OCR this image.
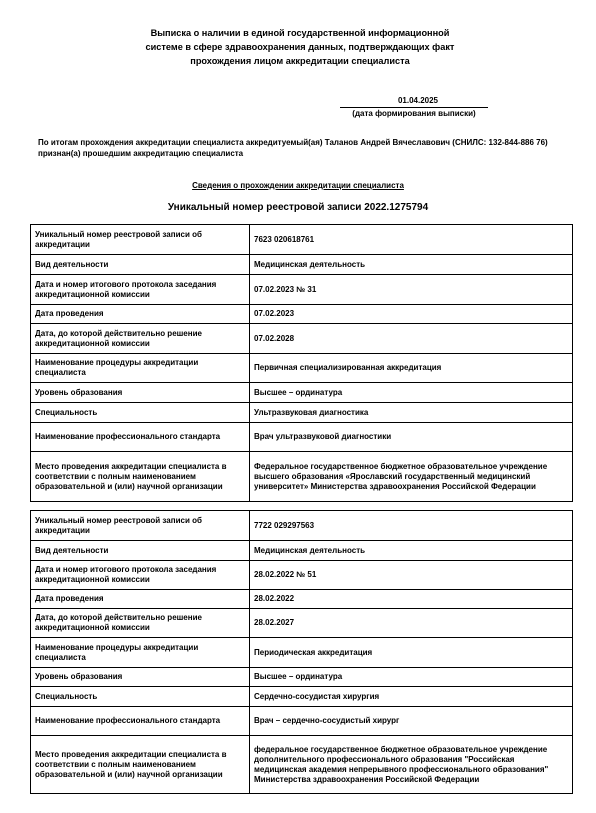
Выписка о наличии в единой государственной информационной
системе в сфере здравоохранения данных, подтверждающих факт
прохождения лицом аккредитации специалиста
01.04.2025
(дата формирования выписки)
По итогам прохождения аккредитации специалиста аккредитуемый(ая) Таланов Андрей Вячеславович (СНИЛС: 132-844-886 76) признан(а) прошедшим аккредитацию специалиста
Сведения о прохождении аккредитации специалиста
Уникальный номер реестровой записи 2022.1275794
Уникальный номер реестровой записи об аккредитации	7623 020618761
Вид деятельности	Медицинская деятельность
Дата и номер итогового протокола заседания аккредитационной комиссии	07.02.2023 № 31
Дата проведения	07.02.2023
Дата, до которой действительно решение аккредитационной комиссии	07.02.2028
Наименование процедуры аккредитации специалиста	Первичная специализированная аккредитация
Уровень образования	Высшее – ординатура
Специальность	Ультразвуковая диагностика
Наименование профессионального стандарта	Врач ультразвуковой диагностики
Место проведения аккредитации специалиста в соответствии с полным наименованием образовательной и (или) научной организации	Федеральное государственное бюджетное образовательное учреждение высшего образования «Ярославский государственный медицинский университет» Министерства здравоохранения Российской Федерации
Уникальный номер реестровой записи об аккредитации	7722 029297563
Вид деятельности	Медицинская деятельность
Дата и номер итогового протокола заседания аккредитационной комиссии	28.02.2022 № 51
Дата проведения	28.02.2022
Дата, до которой действительно решение аккредитационной комиссии	28.02.2027
Наименование процедуры аккредитации специалиста	Периодическая аккредитация
Уровень образования	Высшее – ординатура
Специальность	Сердечно-сосудистая хирургия
Наименование профессионального стандарта	Врач – сердечно-сосудистый хирург
Место проведения аккредитации специалиста в соответствии с полным наименованием образовательной и (или) научной организации	федеральное государственное бюджетное образовательное учреждение дополнительного профессионального образования "Российская медицинская академия непрерывного профессионального образования" Министерства здравоохранения Российской Федерации
